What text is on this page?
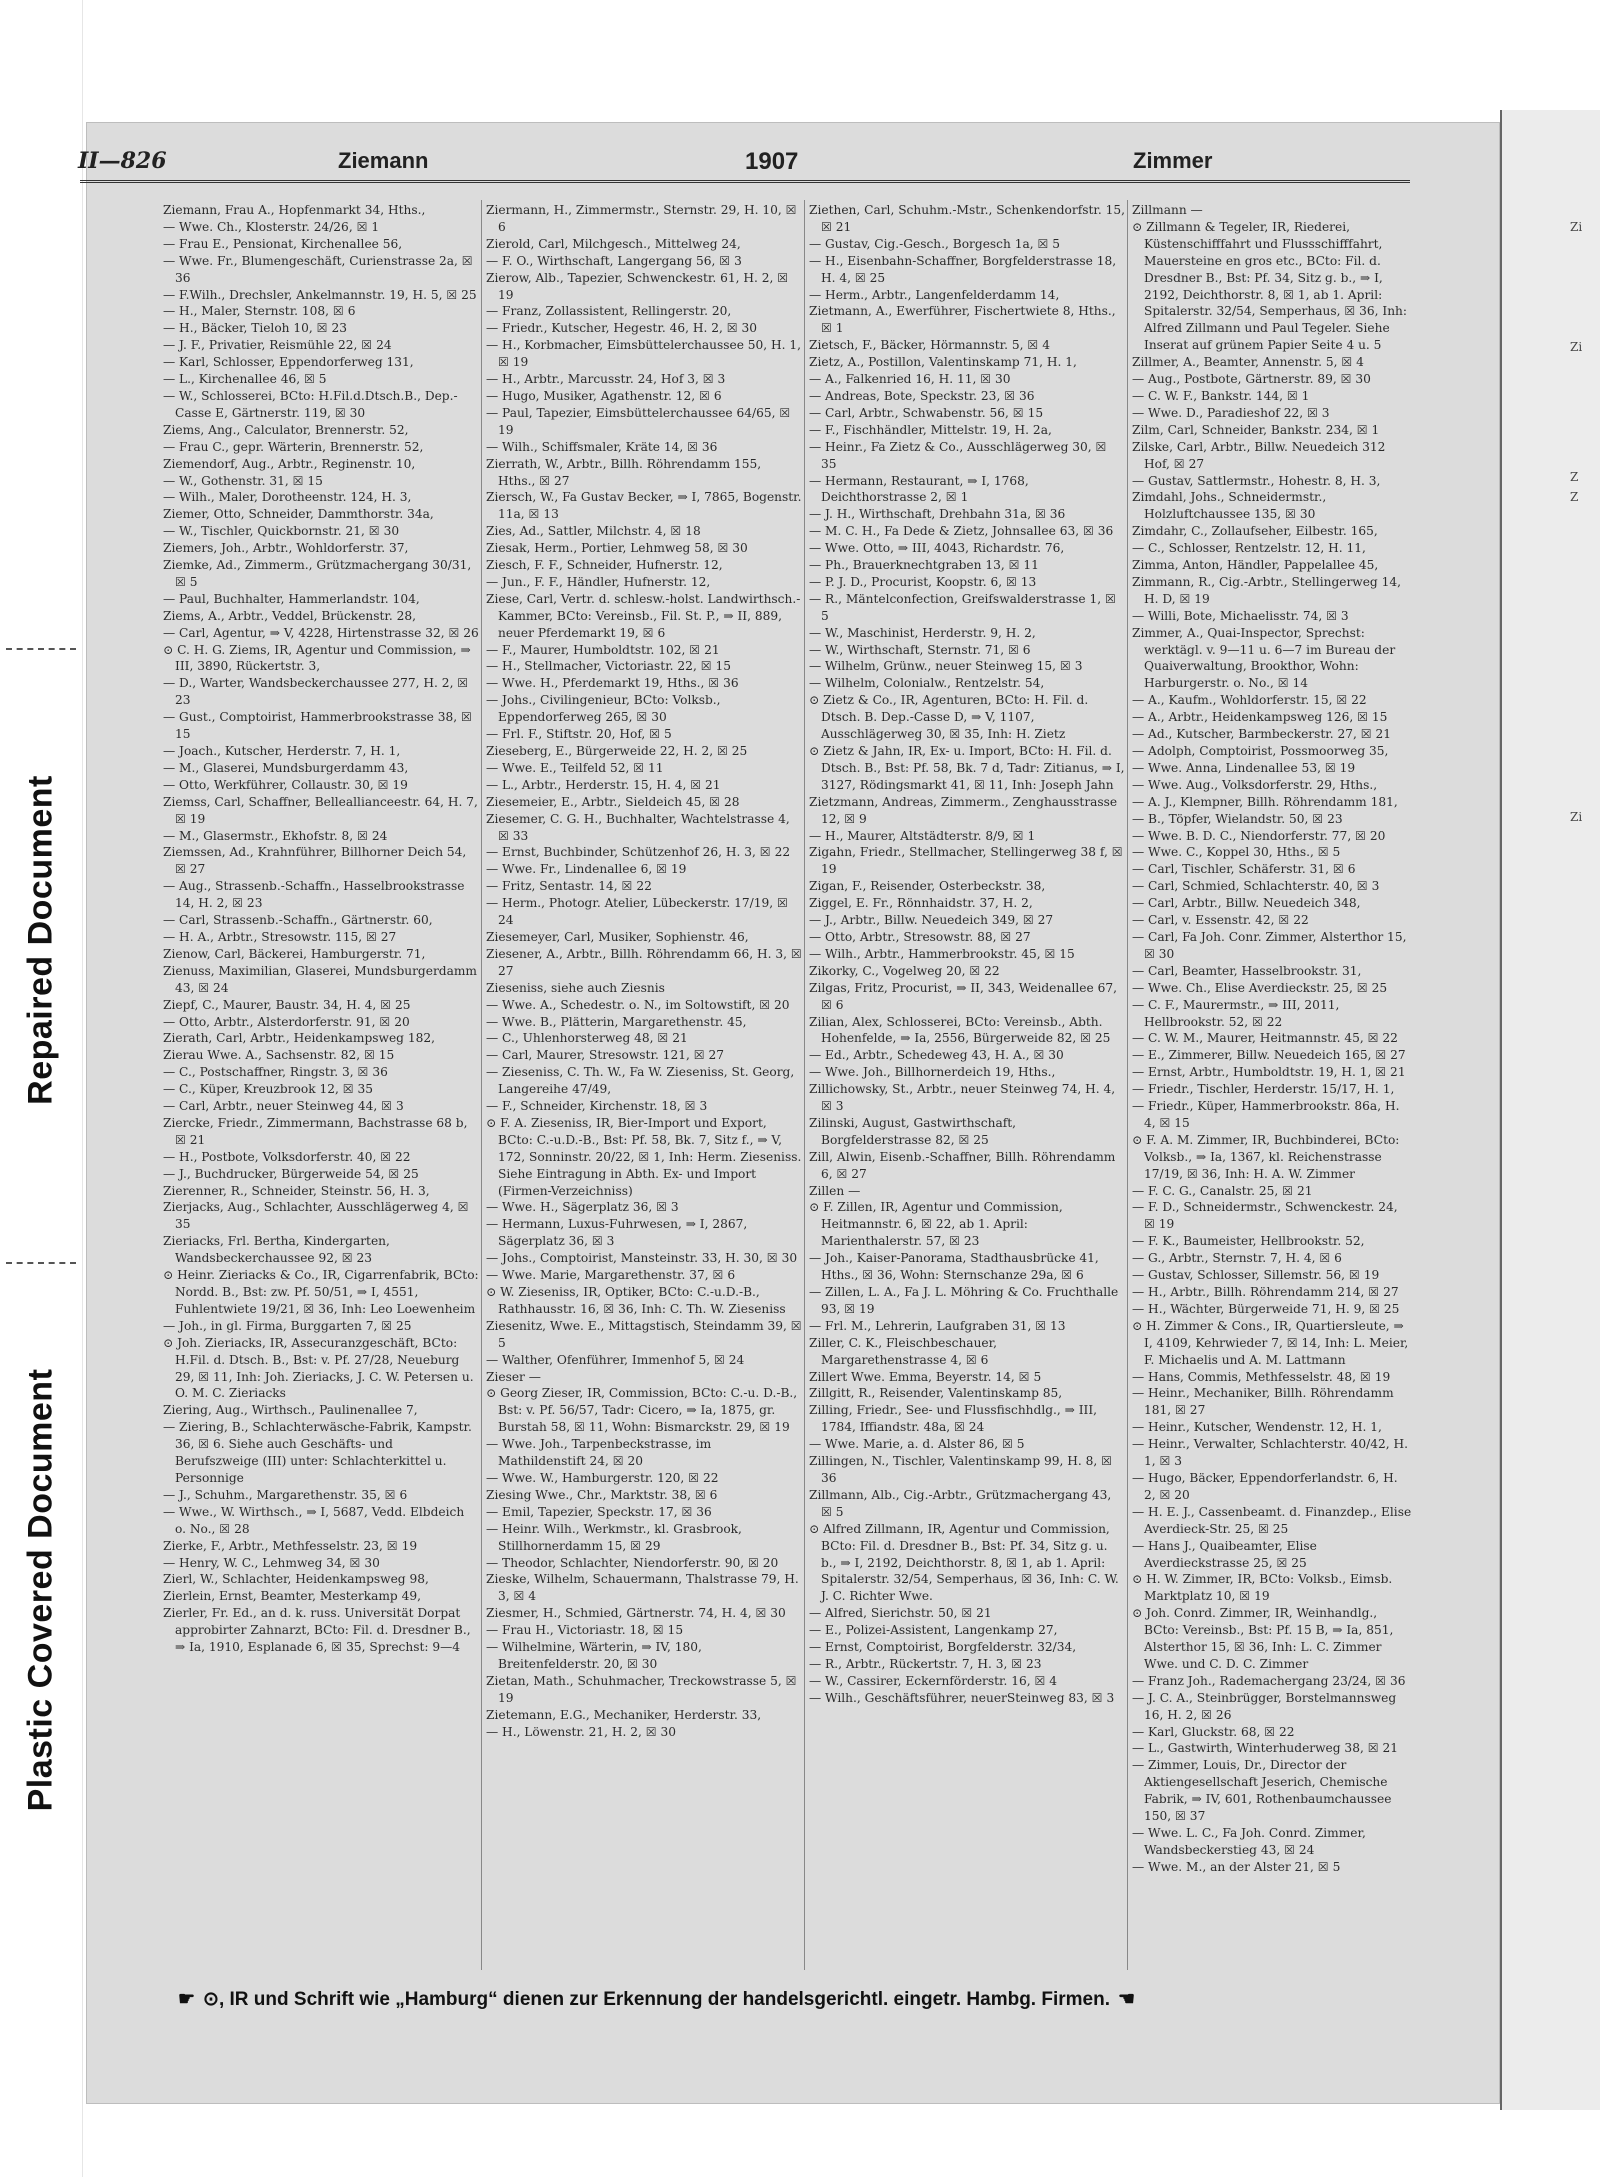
Repaired Document
Plastic Covered Document
Zi
Zi
Zi
Z
Z
II—826	Ziemann	1907	Zimmer

Ziemann, Frau A., Hopfenmarkt 34, Hths.,

— Wwe. Ch., Klosterstr. 24/26, ☒ 1

— Frau E., Pensionat, Kirchenallee 56,

— Wwe. Fr., Blumengeschäft, Curienstrasse 2a, ☒ 36

— F.Wilh., Drechsler, Ankelmannstr. 19, H. 5, ☒ 25

— H., Maler, Sternstr. 108, ☒ 6

— H., Bäcker, Tieloh 10, ☒ 23

— J. F., Privatier, Reismühle 22, ☒ 24

— Karl, Schlosser, Eppendorferweg 131,

— L., Kirchenallee 46, ☒ 5

— W., Schlosserei, BCto: H.Fil.d.Dtsch.B., Dep.-Casse E, Gärtnerstr. 119, ☒ 30

Ziems, Ang., Calculator, Brennerstr. 52,

— Frau C., gepr. Wärterin, Brennerstr. 52,

Ziemendorf, Aug., Arbtr., Reginenstr. 10,

— W., Gothenstr. 31, ☒ 15

— Wilh., Maler, Dorotheenstr. 124, H. 3,

Ziemer, Otto, Schneider, Dammthorstr. 34a,

— W., Tischler, Quickbornstr. 21, ☒ 30

Ziemers, Joh., Arbtr., Wohldorferstr. 37,

Ziemke, Ad., Zimmerm., Grützmachergang 30/31, ☒ 5

— Paul, Buchhalter, Hammerlandstr. 104,

Ziems, A., Arbtr., Veddel, Brückenstr. 28,

— Carl, Agentur, ⇒ V, 4228, Hirtenstrasse 32, ☒ 26

⊙ C. H. G. Ziems, IR, Agentur und Commission, ⇒ III, 3890, Rückertstr. 3,

— D., Warter, Wandsbeckerchaussee 277, H. 2, ☒ 23

— Gust., Comptoirist, Hammerbrookstrasse 38, ☒ 15

— Joach., Kutscher, Herderstr. 7, H. 1,

— M., Glaserei, Mundsburgerdamm 43,

— Otto, Werkführer, Collaustr. 30, ☒ 19

Ziemss, Carl, Schaffner, Belleallianceestr. 64, H. 7, ☒ 19

— M., Glasermstr., Ekhofstr. 8, ☒ 24

Ziemssen, Ad., Krahnführer, Billhorner Deich 54, ☒ 27

— Aug., Strassenb.-Schaffn., Hasselbrookstrasse 14, H. 2, ☒ 23

— Carl, Strassenb.-Schaffn., Gärtnerstr. 60,

— H. A., Arbtr., Stresowstr. 115, ☒ 27

Zienow, Carl, Bäckerei, Hamburgerstr. 71,

Zienuss, Maximilian, Glaserei, Mundsburgerdamm 43, ☒ 24

Ziepf, C., Maurer, Baustr. 34, H. 4, ☒ 25

— Otto, Arbtr., Alsterdorferstr. 91, ☒ 20

Zierath, Carl, Arbtr., Heidenkampsweg 182,

Zierau Wwe. A., Sachsenstr. 82, ☒ 15

— C., Postschaffner, Ringstr. 3, ☒ 36

— C., Küper, Kreuzbrook 12, ☒ 35

— Carl, Arbtr., neuer Steinweg 44, ☒ 3

Ziercke, Friedr., Zimmermann, Bachstrasse 68 b, ☒ 21

— H., Postbote, Volksdorferstr. 40, ☒ 22

— J., Buchdrucker, Bürgerweide 54, ☒ 25

Zierenner, R., Schneider, Steinstr. 56, H. 3,

Zierjacks, Aug., Schlachter, Ausschlägerweg 4, ☒ 35

Zieriacks, Frl. Bertha, Kindergarten, Wandsbeckerchaussee 92, ☒ 23

⊙ Heinr. Zieriacks & Co., IR, Cigarrenfabrik, BCto: Nordd. B., Bst: zw. Pf. 50/51, ⇒ I, 4551, Fuhlentwiete 19/21, ☒ 36, Inh: Leo Loewenheim

— Joh., in gl. Firma, Burggarten 7, ☒ 25

⊙ Joh. Zieriacks, IR, Assecuranzgeschäft, BCto: H.Fil. d. Dtsch. B., Bst: v. Pf. 27/28, Neueburg 29, ☒ 11, Inh: Joh. Zieriacks, J. C. W. Petersen u. O. M. C. Zieriacks

Ziering, Aug., Wirthsch., Paulinenallee 7,

— Ziering, B., Schlachterwäsche-Fabrik, Kampstr. 36, ☒ 6. Siehe auch Geschäfts- und Berufszweige (III) unter: Schlachterkittel u. Personnige

— J., Schuhm., Margarethenstr. 35, ☒ 6

— Wwe., W. Wirthsch., ⇒ I, 5687, Vedd. Elbdeich o. No., ☒ 28

Zierke, F., Arbtr., Methfesselstr. 23, ☒ 19

— Henry, W. C., Lehmweg 34, ☒ 30

Zierl, W., Schlachter, Heidenkampsweg 98,

Zierlein, Ernst, Beamter, Mesterkamp 49,

Zierler, Fr. Ed., an d. k. russ. Universität Dorpat approbirter Zahnarzt, BCto: Fil. d. Dresdner B., ⇒ Ia, 1910, Esplanade 6, ☒ 35, Sprechst: 9—4

Ziermann, H., Zimmermstr., Sternstr. 29, H. 10, ☒ 6

Zierold, Carl, Milchgesch., Mittelweg 24,

— F. O., Wirthschaft, Langergang 56, ☒ 3

Zierow, Alb., Tapezier, Schwenckestr. 61, H. 2, ☒ 19

— Franz, Zollassistent, Rellingerstr. 20,

— Friedr., Kutscher, Hegestr. 46, H. 2, ☒ 30

— H., Korbmacher, Eimsbüttelerchaussee 50, H. 1, ☒ 19

— H., Arbtr., Marcusstr. 24, Hof 3, ☒ 3

— Hugo, Musiker, Agathenstr. 12, ☒ 6

— Paul, Tapezier, Eimsbüttelerchaussee 64/65, ☒ 19

— Wilh., Schiffsmaler, Kräte 14, ☒ 36

Zierrath, W., Arbtr., Billh. Röhrendamm 155, Hths., ☒ 27

Ziersch, W., Fa Gustav Becker, ⇒ I, 7865, Bogenstr. 11a, ☒ 13

Zies, Ad., Sattler, Milchstr. 4, ☒ 18

Ziesak, Herm., Portier, Lehmweg 58, ☒ 30

Ziesch, F. F., Schneider, Hufnerstr. 12,

— Jun., F. F., Händler, Hufnerstr. 12,

Ziese, Carl, Vertr. d. schlesw.-holst. Landwirthsch.-Kammer, BCto: Vereinsb., Fil. St. P., ⇒ II, 889, neuer Pferdemarkt 19, ☒ 6

— F., Maurer, Humboldtstr. 102, ☒ 21

— H., Stellmacher, Victoriastr. 22, ☒ 15

— Wwe. H., Pferdemarkt 19, Hths., ☒ 36

— Johs., Civilingenieur, BCto: Volksb., Eppendorferweg 265, ☒ 30

— Frl. F., Stiftstr. 20, Hof, ☒ 5

Zieseberg, E., Bürgerweide 22, H. 2, ☒ 25

— Wwe. E., Teilfeld 52, ☒ 11

— L., Arbtr., Herderstr. 15, H. 4, ☒ 21

Ziesemeier, E., Arbtr., Sieldeich 45, ☒ 28

Ziesemer, C. G. H., Buchhalter, Wachtelstrasse 4, ☒ 33

— Ernst, Buchbinder, Schützenhof 26, H. 3, ☒ 22

— Wwe. Fr., Lindenallee 6, ☒ 19

— Fritz, Sentastr. 14, ☒ 22

— Herm., Photogr. Atelier, Lübeckerstr. 17/19, ☒ 24

Ziesemeyer, Carl, Musiker, Sophienstr. 46,

Ziesener, A., Arbtr., Billh. Röhrendamm 66, H. 3, ☒ 27

Zieseniss, siehe auch Ziesnis

— Wwe. A., Schedestr. o. N., im Soltowstift, ☒ 20

— Wwe. B., Plätterin, Margarethenstr. 45,

— C., Uhlenhorsterweg 48, ☒ 21

— Carl, Maurer, Stresowstr. 121, ☒ 27

— Zieseniss, C. Th. W., Fa W. Zieseniss, St. Georg, Langereihe 47/49,

— F., Schneider, Kirchenstr. 18, ☒ 3

⊙ F. A. Zieseniss, IR, Bier-Import und Export, BCto: C.-u.D.-B., Bst: Pf. 58, Bk. 7, Sitz f., ⇒ V, 172, Sonninstr. 20/22, ☒ 1, Inh: Herm. Zieseniss. Siehe Eintragung in Abth. Ex- und Import (Firmen-Verzeichniss)

— Wwe. H., Sägerplatz 36, ☒ 3

— Hermann, Luxus-Fuhrwesen, ⇒ I, 2867, Sägerplatz 36, ☒ 3

— Johs., Comptoirist, Mansteinstr. 33, H. 30, ☒ 30

— Wwe. Marie, Margarethenstr. 37, ☒ 6

⊙ W. Zieseniss, IR, Optiker, BCto: C.-u.D.-B., Rathhausstr. 16, ☒ 36, Inh: C. Th. W. Zieseniss

Ziesenitz, Wwe. E., Mittagstisch, Steindamm 39, ☒ 5

— Walther, Ofenführer, Immenhof 5, ☒ 24

Zieser —

⊙ Georg Zieser, IR, Commission, BCto: C.-u. D.-B., Bst: v. Pf. 56/57, Tadr: Cicero, ⇒ Ia, 1875, gr. Burstah 58, ☒ 11, Wohn: Bismarckstr. 29, ☒ 19

— Wwe. Joh., Tarpenbeckstrasse, im Mathildenstift 24, ☒ 20

— Wwe. W., Hamburgerstr. 120, ☒ 22

Ziesing Wwe., Chr., Marktstr. 38, ☒ 6

— Emil, Tapezier, Speckstr. 17, ☒ 36

— Heinr. Wilh., Werkmstr., kl. Grasbrook, Stillhornerdamm 15, ☒ 29

— Theodor, Schlachter, Niendorferstr. 90, ☒ 20

Zieske, Wilhelm, Schauermann, Thalstrasse 79, H. 3, ☒ 4

Ziesmer, H., Schmied, Gärtnerstr. 74, H. 4, ☒ 30

— Frau H., Victoriastr. 18, ☒ 15

— Wilhelmine, Wärterin, ⇒ IV, 180, Breitenfelderstr. 20, ☒ 30

Zietan, Math., Schuhmacher, Treckowstrasse 5, ☒ 19

Zietemann, E.G., Mechaniker, Herderstr. 33,

— H., Löwenstr. 21, H. 2, ☒ 30

Ziethen, Carl, Schuhm.-Mstr., Schenkendorfstr. 15, ☒ 21

— Gustav, Cig.-Gesch., Borgesch 1a, ☒ 5

— H., Eisenbahn-Schaffner, Borgfelderstrasse 18, H. 4, ☒ 25

— Herm., Arbtr., Langenfelderdamm 14,

Zietmann, A., Ewerführer, Fischertwiete 8, Hths., ☒ 1

Zietsch, F., Bäcker, Hörmannstr. 5, ☒ 4

Zietz, A., Postillon, Valentinskamp 71, H. 1,

— A., Falkenried 16, H. 11, ☒ 30

— Andreas, Bote, Speckstr. 23, ☒ 36

— Carl, Arbtr., Schwabenstr. 56, ☒ 15

— F., Fischhändler, Mittelstr. 19, H. 2a,

— Heinr., Fa Zietz & Co., Ausschlägerweg 30, ☒ 35

— Hermann, Restaurant, ⇒ I, 1768, Deichthorstrasse 2, ☒ 1

— J. H., Wirthschaft, Drehbahn 31a, ☒ 36

— M. C. H., Fa Dede & Zietz, Johnsallee 63, ☒ 36

— Wwe. Otto, ⇒ III, 4043, Richardstr. 76,

— Ph., Brauerknechtgraben 13, ☒ 11

— P. J. D., Procurist, Koopstr. 6, ☒ 13

— R., Mäntelconfection, Greifswalderstrasse 1, ☒ 5

— W., Maschinist, Herderstr. 9, H. 2,

— W., Wirthschaft, Sternstr. 71, ☒ 6

— Wilhelm, Grünw., neuer Steinweg 15, ☒ 3

— Wilhelm, Colonialw., Rentzelstr. 54,

⊙ Zietz & Co., IR, Agenturen, BCto: H. Fil. d. Dtsch. B. Dep.-Casse D, ⇒ V, 1107, Ausschlägerweg 30, ☒ 35, Inh: H. Zietz

⊙ Zietz & Jahn, IR, Ex- u. Import, BCto: H. Fil. d. Dtsch. B., Bst: Pf. 58, Bk. 7 d, Tadr: Zitianus, ⇒ I, 3127, Rödingsmarkt 41, ☒ 11, Inh: Joseph Jahn

Zietzmann, Andreas, Zimmerm., Zenghausstrasse 12, ☒ 9

— H., Maurer, Altstädterstr. 8/9, ☒ 1

Zigahn, Friedr., Stellmacher, Stellingerweg 38 f, ☒ 19

Zigan, F., Reisender, Osterbeckstr. 38,

Ziggel, E. Fr., Rönnhaidstr. 37, H. 2,

— J., Arbtr., Billw. Neuedeich 349, ☒ 27

— Otto, Arbtr., Stresowstr. 88, ☒ 27

— Wilh., Arbtr., Hammerbrookstr. 45, ☒ 15

Zikorky, C., Vogelweg 20, ☒ 22

Zilgas, Fritz, Procurist, ⇒ II, 343, Weidenallee 67, ☒ 6

Zilian, Alex, Schlosserei, BCto: Vereinsb., Abth. Hohenfelde, ⇒ Ia, 2556, Bürgerweide 82, ☒ 25

— Ed., Arbtr., Schedeweg 43, H. A., ☒ 30

— Wwe. Joh., Billhornerdeich 19, Hths.,

Zillichowsky, St., Arbtr., neuer Steinweg 74, H. 4, ☒ 3

Zilinski, August, Gastwirthschaft, Borgfelderstrasse 82, ☒ 25

Zill, Alwin, Eisenb.-Schaffner, Billh. Röhrendamm 6, ☒ 27

Zillen —

⊙ F. Zillen, IR, Agentur und Commission, Heitmannstr. 6, ☒ 22, ab 1. April: Marienthalerstr. 57, ☒ 23

— Joh., Kaiser-Panorama, Stadthausbrücke 41, Hths., ☒ 36, Wohn: Sternschanze 29a, ☒ 6

— Zillen, L. A., Fa J. L. Möhring & Co. Fruchthalle 93, ☒ 19

— Frl. M., Lehrerin, Laufgraben 31, ☒ 13

Ziller, C. K., Fleischbeschauer, Margarethenstrasse 4, ☒ 6

Zillert Wwe. Emma, Beyerstr. 14, ☒ 5

Zillgitt, R., Reisender, Valentinskamp 85,

Zilling, Friedr., See- und Flussfischhdlg., ⇒ III, 1784, Iffiandstr. 48a, ☒ 24

— Wwe. Marie, a. d. Alster 86, ☒ 5

Zillingen, N., Tischler, Valentinskamp 99, H. 8, ☒ 36

Zillmann, Alb., Cig.-Arbtr., Grützmachergang 43, ☒ 5

⊙ Alfred Zillmann, IR, Agentur und Commission, BCto: Fil. d. Dresdner B., Bst: Pf. 34, Sitz g. u. b., ⇒ I, 2192, Deichthorstr. 8, ☒ 1, ab 1. April: Spitalerstr. 32/54, Semperhaus, ☒ 36, Inh: C. W. J. C. Richter Wwe.

— Alfred, Sierichstr. 50, ☒ 21

— E., Polizei-Assistent, Langenkamp 27,

— Ernst, Comptoirist, Borgfelderstr. 32/34,

— R., Arbtr., Rückertstr. 7, H. 3, ☒ 23

— W., Cassirer, Eckernförderstr. 16, ☒ 4

— Wilh., Geschäftsführer, neuerSteinweg 83, ☒ 3

Zillmann —

⊙ Zillmann & Tegeler, IR, Riederei, Küstenschifffahrt und Flussschifffahrt, Mauersteine en gros etc., BCto: Fil. d. Dresdner B., Bst: Pf. 34, Sitz g. b., ⇒ I, 2192, Deichthorstr. 8, ☒ 1, ab 1. April: Spitalerstr. 32/54, Semperhaus, ☒ 36, Inh: Alfred Zillmann und Paul Tegeler. Siehe Inserat auf grünem Papier Seite 4 u. 5

Zillmer, A., Beamter, Annenstr. 5, ☒ 4

— Aug., Postbote, Gärtnerstr. 89, ☒ 30

— C. W. F., Bankstr. 144, ☒ 1

— Wwe. D., Paradieshof 22, ☒ 3

Zilm, Carl, Schneider, Bankstr. 234, ☒ 1

Zilske, Carl, Arbtr., Billw. Neuedeich 312 Hof, ☒ 27

— Gustav, Sattlermstr., Hohestr. 8, H. 3,

Zimdahl, Johs., Schneidermstr., Holzluftchaussee 135, ☒ 30

Zimdahr, C., Zollaufseher, Eilbestr. 165,

— C., Schlosser, Rentzelstr. 12, H. 11,

Zimma, Anton, Händler, Pappelallee 45,

Zimmann, R., Cig.-Arbtr., Stellingerweg 14, H. D, ☒ 19

— Willi, Bote, Michaelisstr. 74, ☒ 3

Zimmer, A., Quai-Inspector, Sprechst: werktägl. v. 9—11 u. 6—7 im Bureau der Quaiverwaltung, Brookthor, Wohn: Harburgerstr. o. No., ☒ 14

— A., Kaufm., Wohldorferstr. 15, ☒ 22

— A., Arbtr., Heidenkampsweg 126, ☒ 15

— Ad., Kutscher, Barmbeckerstr. 27, ☒ 21

— Adolph, Comptoirist, Possmoorweg 35,

— Wwe. Anna, Lindenallee 53, ☒ 19

— Wwe. Aug., Volksdorferstr. 29, Hths.,

— A. J., Klempner, Billh. Röhrendamm 181,

— B., Töpfer, Wielandstr. 50, ☒ 23

— Wwe. B. D. C., Niendorferstr. 77, ☒ 20

— Wwe. C., Koppel 30, Hths., ☒ 5

— Carl, Tischler, Schäferstr. 31, ☒ 6

— Carl, Schmied, Schlachterstr. 40, ☒ 3

— Carl, Arbtr., Billw. Neuedeich 348,

— Carl, v. Essenstr. 42, ☒ 22

— Carl, Fa Joh. Conr. Zimmer, Alsterthor 15, ☒ 30

— Carl, Beamter, Hasselbrookstr. 31,

— Wwe. Ch., Elise Averdieckstr. 25, ☒ 25

— C. F., Maurermstr., ⇒ III, 2011, Hellbrookstr. 52, ☒ 22

— C. W. M., Maurer, Heitmannstr. 45, ☒ 22

— E., Zimmerer, Billw. Neuedeich 165, ☒ 27

— Ernst, Arbtr., Humboldtstr. 19, H. 1, ☒ 21

— Friedr., Tischler, Herderstr. 15/17, H. 1,

— Friedr., Küper, Hammerbrookstr. 86a, H. 4, ☒ 15

⊙ F. A. M. Zimmer, IR, Buchbinderei, BCto: Volksb., ⇒ Ia, 1367, kl. Reichenstrasse 17/19, ☒ 36, Inh: H. A. W. Zimmer

— F. C. G., Canalstr. 25, ☒ 21

— F. D., Schneidermstr., Schwenckestr. 24, ☒ 19

— F. K., Baumeister, Hellbrookstr. 52,

— G., Arbtr., Sternstr. 7, H. 4, ☒ 6

— Gustav, Schlosser, Sillemstr. 56, ☒ 19

— H., Arbtr., Billh. Röhrendamm 214, ☒ 27

— H., Wächter, Bürgerweide 71, H. 9, ☒ 25

⊙ H. Zimmer & Cons., IR, Quartiersleute, ⇒ I, 4109, Kehrwieder 7, ☒ 14, Inh: L. Meier, F. Michaelis und A. M. Lattmann

— Hans, Commis, Methfesselstr. 48, ☒ 19

— Heinr., Mechaniker, Billh. Röhrendamm 181, ☒ 27

— Heinr., Kutscher, Wendenstr. 12, H. 1,

— Heinr., Verwalter, Schlachterstr. 40/42, H. 1, ☒ 3

— Hugo, Bäcker, Eppendorferlandstr. 6, H. 2, ☒ 20

— H. E. J., Cassenbeamt. d. Finanzdep., Elise Averdieck-Str. 25, ☒ 25

— Hans J., Quaibeamter, Elise Averdieckstrasse 25, ☒ 25

⊙ H. W. Zimmer, IR, BCto: Volksb., Eimsb. Marktplatz 10, ☒ 19

⊙ Joh. Conrd. Zimmer, IR, Weinhandlg., BCto: Vereinsb., Bst: Pf. 15 B, ⇒ Ia, 851, Alsterthor 15, ☒ 36, Inh: L. C. Zimmer Wwe. und C. D. C. Zimmer

— Franz Joh., Rademachergang 23/24, ☒ 36

— J. C. A., Steinbrügger, Borstelmannsweg 16, H. 2, ☒ 26

— Karl, Gluckstr. 68, ☒ 22

— L., Gastwirth, Winterhuderweg 38, ☒ 21

— Zimmer, Louis, Dr., Director der Aktiengesellschaft Jeserich, Chemische Fabrik, ⇒ IV, 601, Rothenbaumchaussee 150, ☒ 37

— Wwe. L. C., Fa Joh. Conrd. Zimmer, Wandsbeckerstieg 43, ☒ 24

— Wwe. M., an der Alster 21, ☒ 5

☛ ⊙, IR und Schrift wie „Hamburg“ dienen zur Erkennung der handelsgerichtl. eingetr. Hambg. Firmen. ☚
